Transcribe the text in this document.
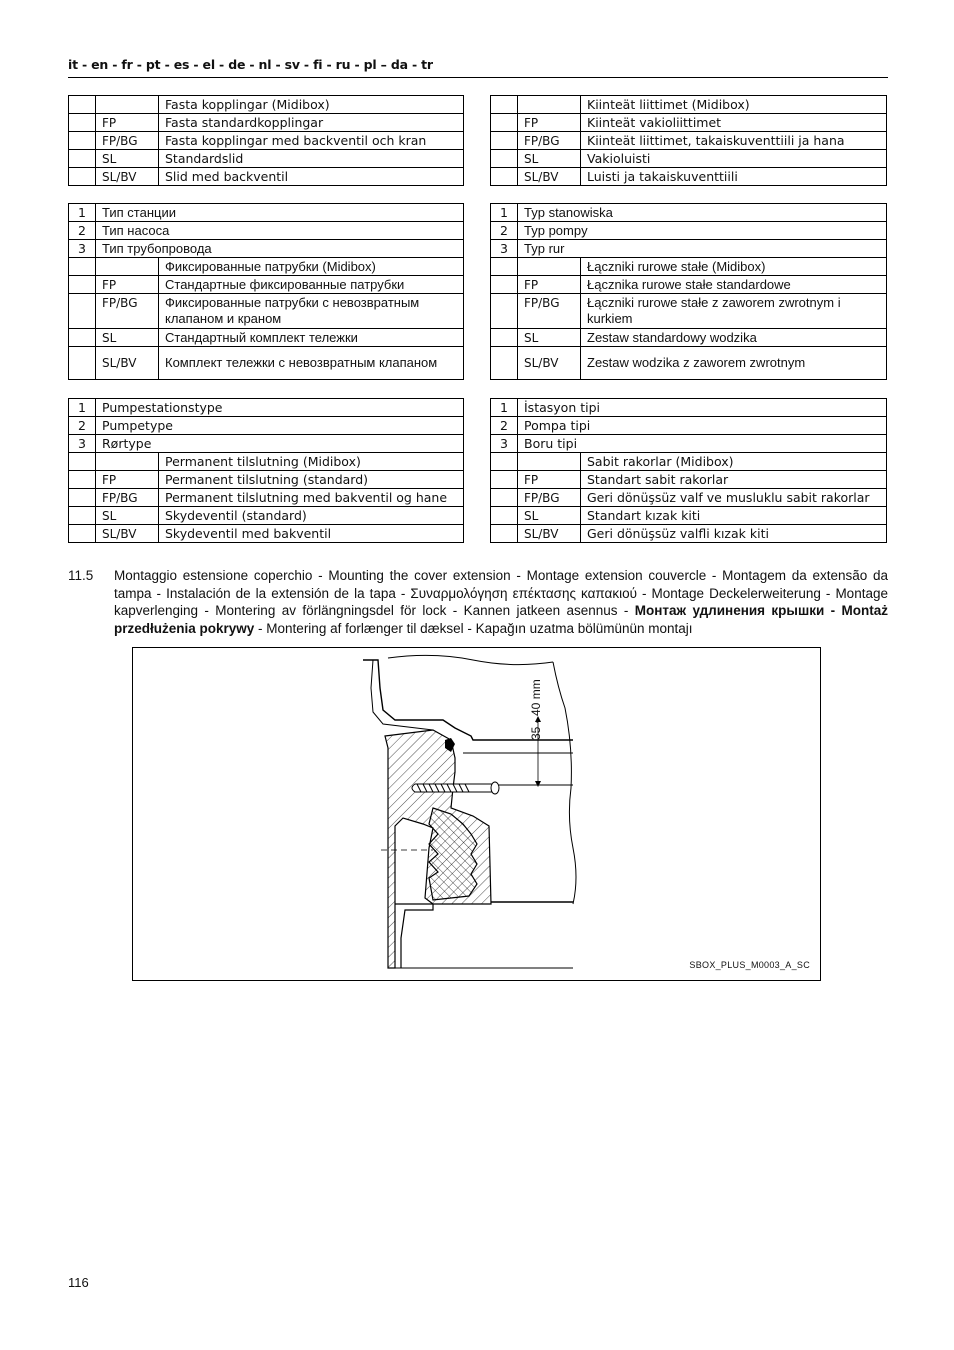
it - en - fr - pt - es - el - de - nl - sv - fi - ru - pl – da - tr
		Fasta kopplingar (Midibox)
	FP	Fasta standardkopplingar
	FP/BG	Fasta kopplingar med backventil och kran
	SL	Standardslid
	SL/BV	Slid med backventil
		Kiinteät liittimet (Midibox)
	FP	Kiinteät vakioliittimet
	FP/BG	Kiinteät liittimet, takaiskuventtiili ja hana
	SL	Vakioluisti
	SL/BV	Luisti ja takaiskuventtiili
1	Тип станции	
2	Тип насоса	
3	Тип трубопровода	
		Фиксированные патрубки (Midibox)
	FP	Стандартные фиксированные патрубки
	FP/BG	Фиксированные патрубки с невозвратным клапаном и краном
	SL	Стандартный комплект тележки
	SL/BV	Комплект тележки с невозвратным клапаном
1	Typ stanowiska	
2	Typ pompy	
3	Typ rur	
		Łączniki rurowe stałe (Midibox)
	FP	Łącznika rurowe stałe standardowe
	FP/BG	Łączniki rurowe stałe z zaworem zwrotnym i kurkiem
	SL	Zestaw standardowy wodzika
	SL/BV	Zestaw wodzika z zaworem zwrotnym
1	Pumpestationstype	
2	Pumpetype	
3	Rørtype	
		Permanent tilslutning (Midibox)
	FP	Permanent tilslutning (standard)
	FP/BG	Permanent tilslutning med bakventil og hane
	SL	Skydeventil (standard)
	SL/BV	Skydeventil med bakventil
1	İstasyon tipi	
2	Pompa tipi	
3	Boru tipi	
		Sabit rakorlar (Midibox)
	FP	Standart sabit rakorlar
	FP/BG	Geri dönüşsüz valf ve musluklu sabit rakorlar
	SL	Standart kızak kiti
	SL/BV	Geri dönüşsüz valfli kızak kiti
11.5 Montaggio estensione coperchio - Mounting the cover extension - Montage extension couvercle - Montagem da extensão da tampa - Instalación de la extensión de la tapa - Συναρμολόγηση επέκτασης καπακιού - Montage Deckelerweiterung - Montage kapverlenging - Montering av förlängningsdel för lock - Kannen jatkeen asennus - Монтаж удлинения крышки - Montaż przedłużenia pokrywy - Montering af forlænger til dæksel - Kapağın uzatma bölümünün montajı
35 - 40 mm
SBOX_PLUS_M0003_A_SC
116
